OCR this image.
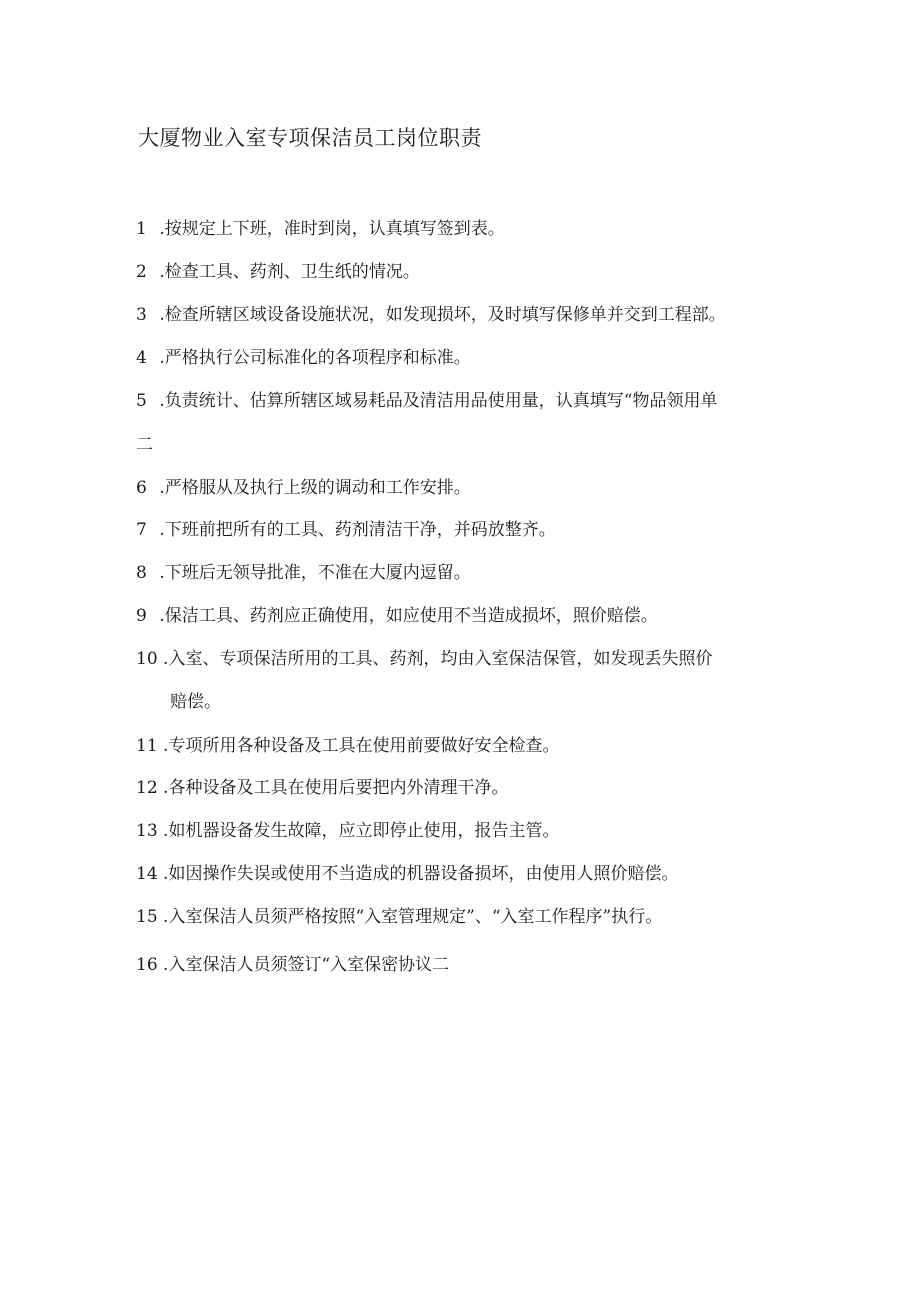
大厦物业入室专项保洁员工岗位职责
1 .按规定上下班，准时到岗，认真填写签到表。
2 .检查工具、药剂、卫生纸的情况。
3 .检查所辖区域设备设施状况，如发现损坏，及时填写保修单并交到工程部。
4 .严格执行公司标准化的各项程序和标准。
5 .负责统计、估算所辖区域易耗品及清洁用品使用量，认真填写“物品领用单
二
6 .严格服从及执行上级的调动和工作安排。
7 .下班前把所有的工具、药剂清洁干净，并码放整齐。
8 .下班后无领导批准，不准在大厦内逗留。
9 .保洁工具、药剂应正确使用，如应使用不当造成损坏，照价赔偿。
10 .入室、专项保洁所用的工具、药剂，均由入室保洁保管，如发现丢失照价
赔偿。
11 .专项所用各种设备及工具在使用前要做好安全检查。
12 .各种设备及工具在使用后要把内外清理干净。
13 .如机器设备发生故障，应立即停止使用，报告主管。
14 .如因操作失误或使用不当造成的机器设备损坏，由使用人照价赔偿。
15 .入室保洁人员须严格按照“入室管理规定”、“入室工作程序”执行。
16 .入室保洁人员须签订“入室保密协议二
